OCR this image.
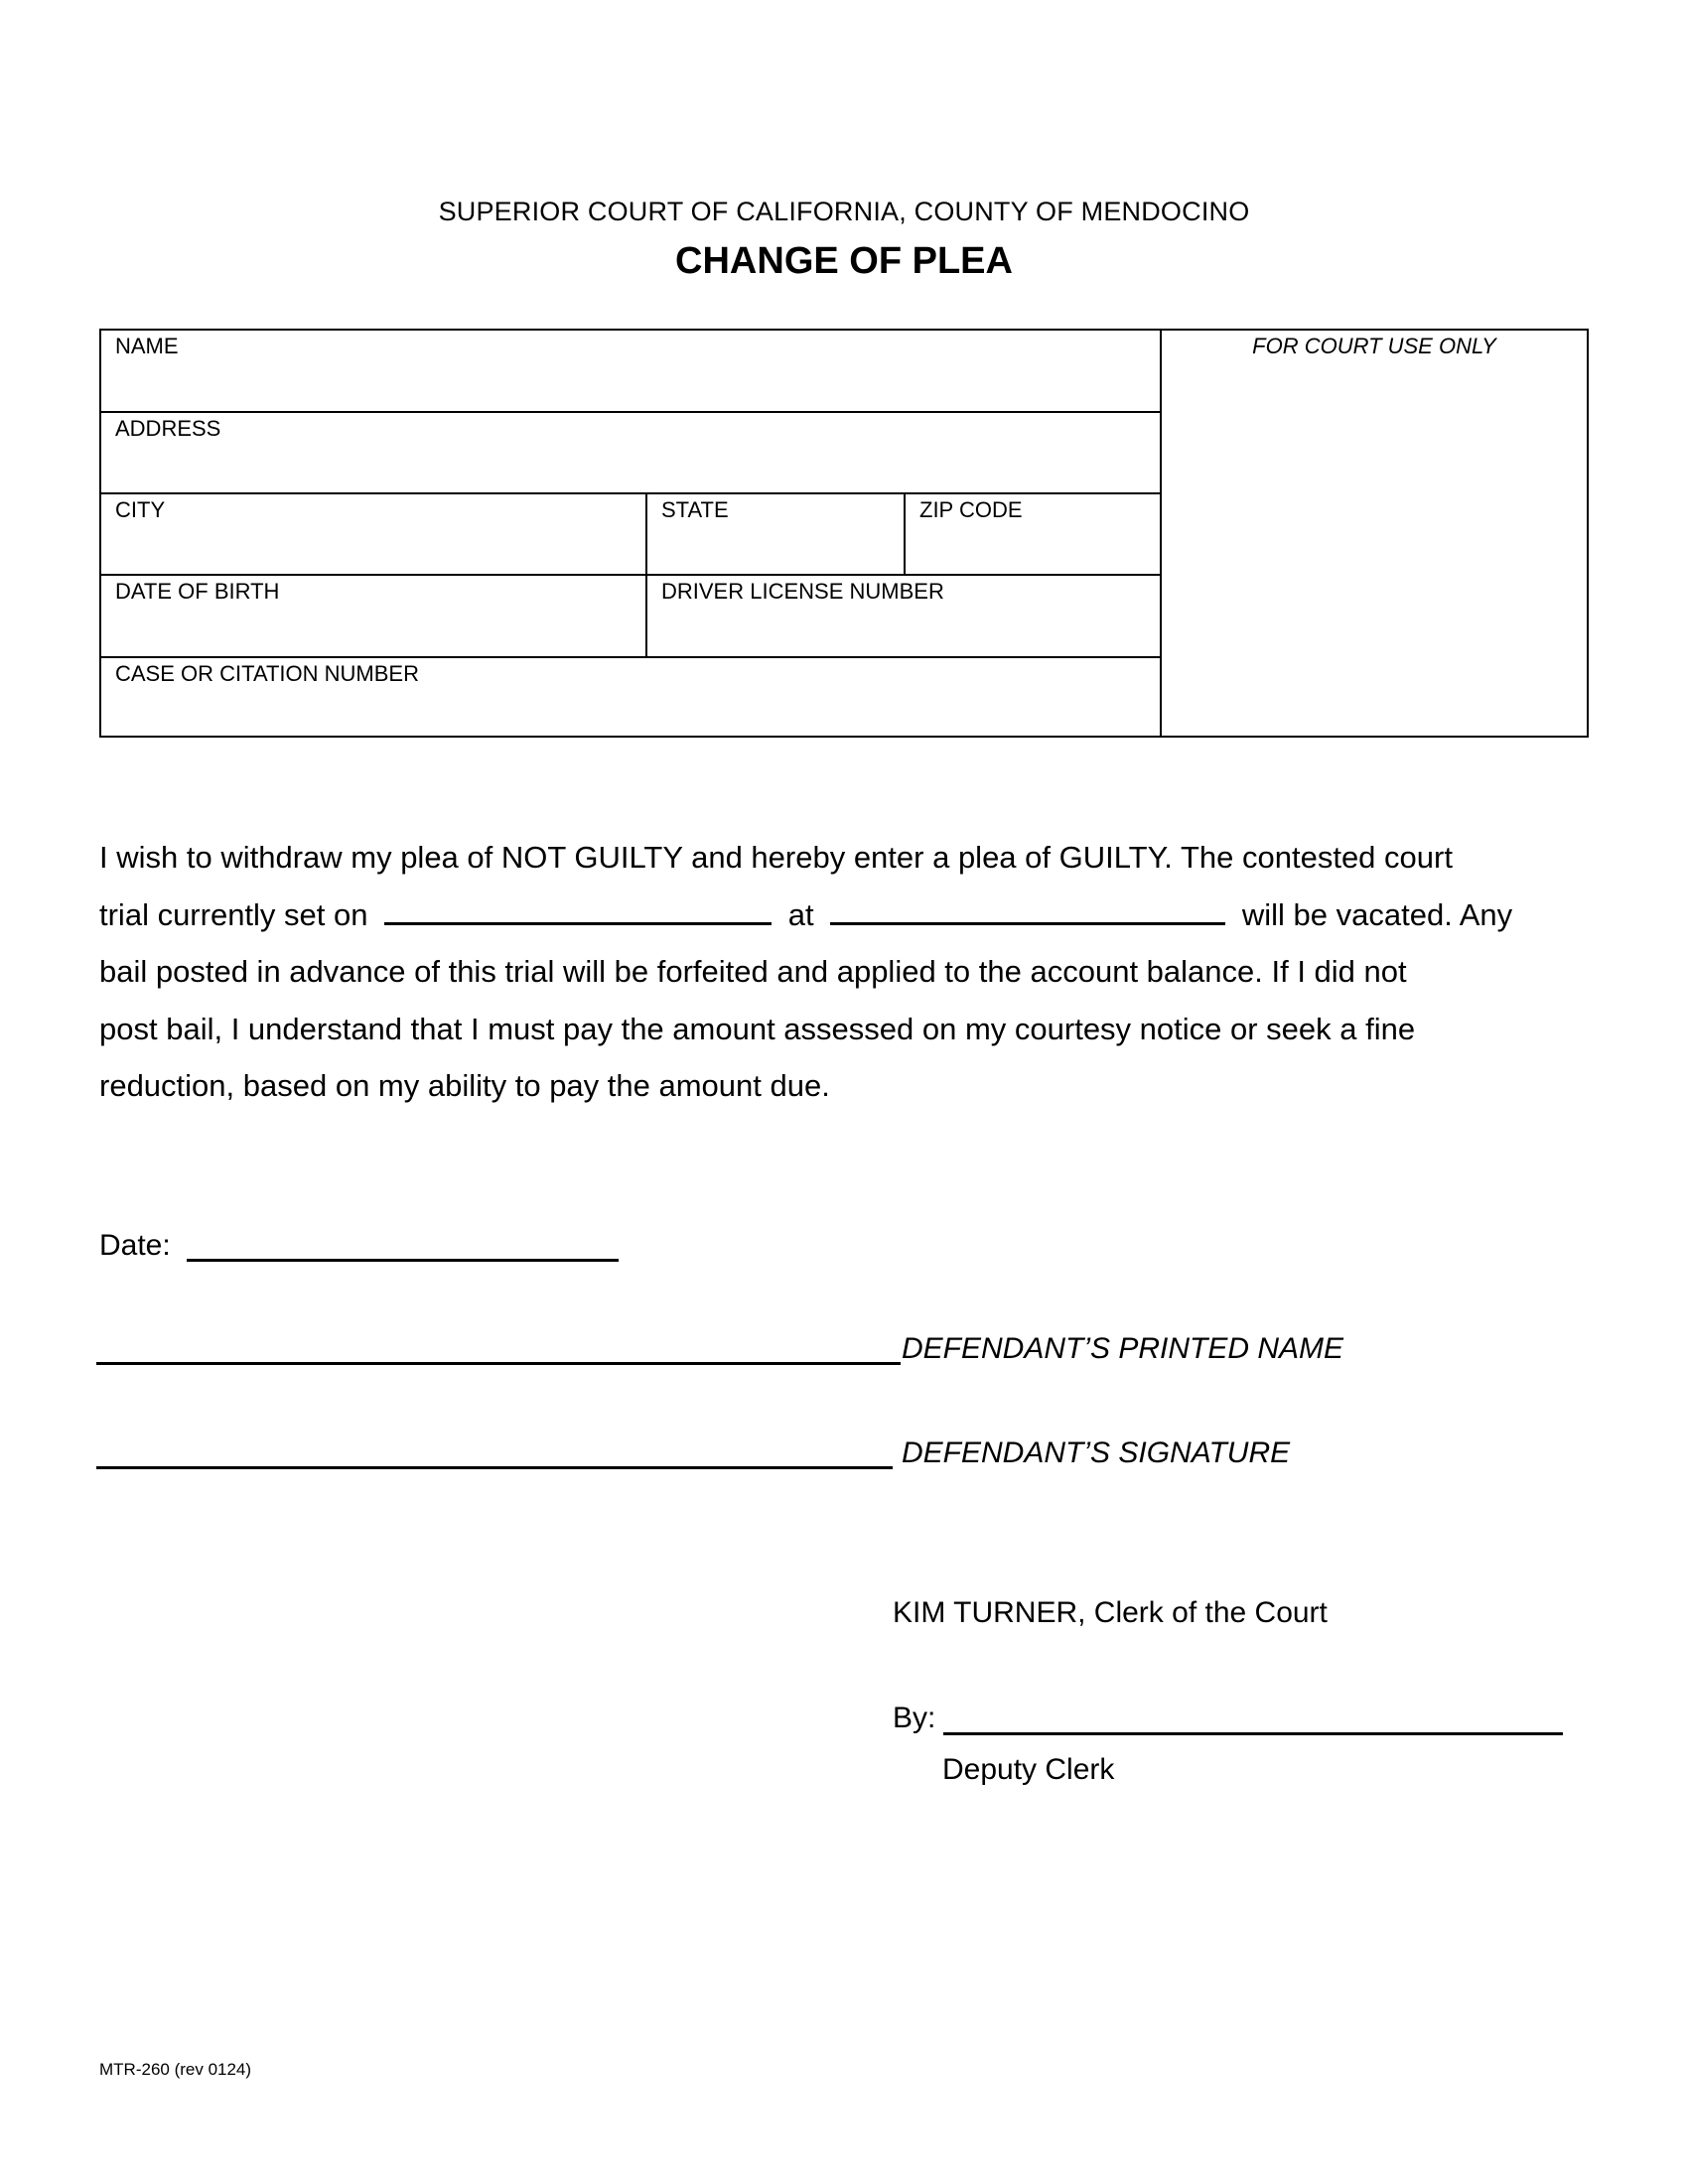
SUPERIOR COURT OF CALIFORNIA, COUNTY OF MENDOCINO
CHANGE OF PLEA
NAME
ADDRESS
CITY	STATE	ZIP CODE
DATE OF BIRTH	DRIVER LICENSE NUMBER
CASE OR CITATION NUMBER
FOR COURT USE ONLY
I wish to withdraw my plea of NOT GUILTY and hereby enter a plea of GUILTY. The contested court
trial currently set on	at	will be vacated. Any
bail posted in advance of this trial will be forfeited and applied to the account balance. If I did not
post bail, I understand that I must pay the amount assessed on my courtesy notice or seek a fine
reduction, based on my ability to pay the amount due.
Date:
DEFENDANT’S PRINTED NAME
DEFENDANT’S SIGNATURE
KIM TURNER, Clerk of the Court
By:
Deputy Clerk
MTR-260 (rev 0124)
